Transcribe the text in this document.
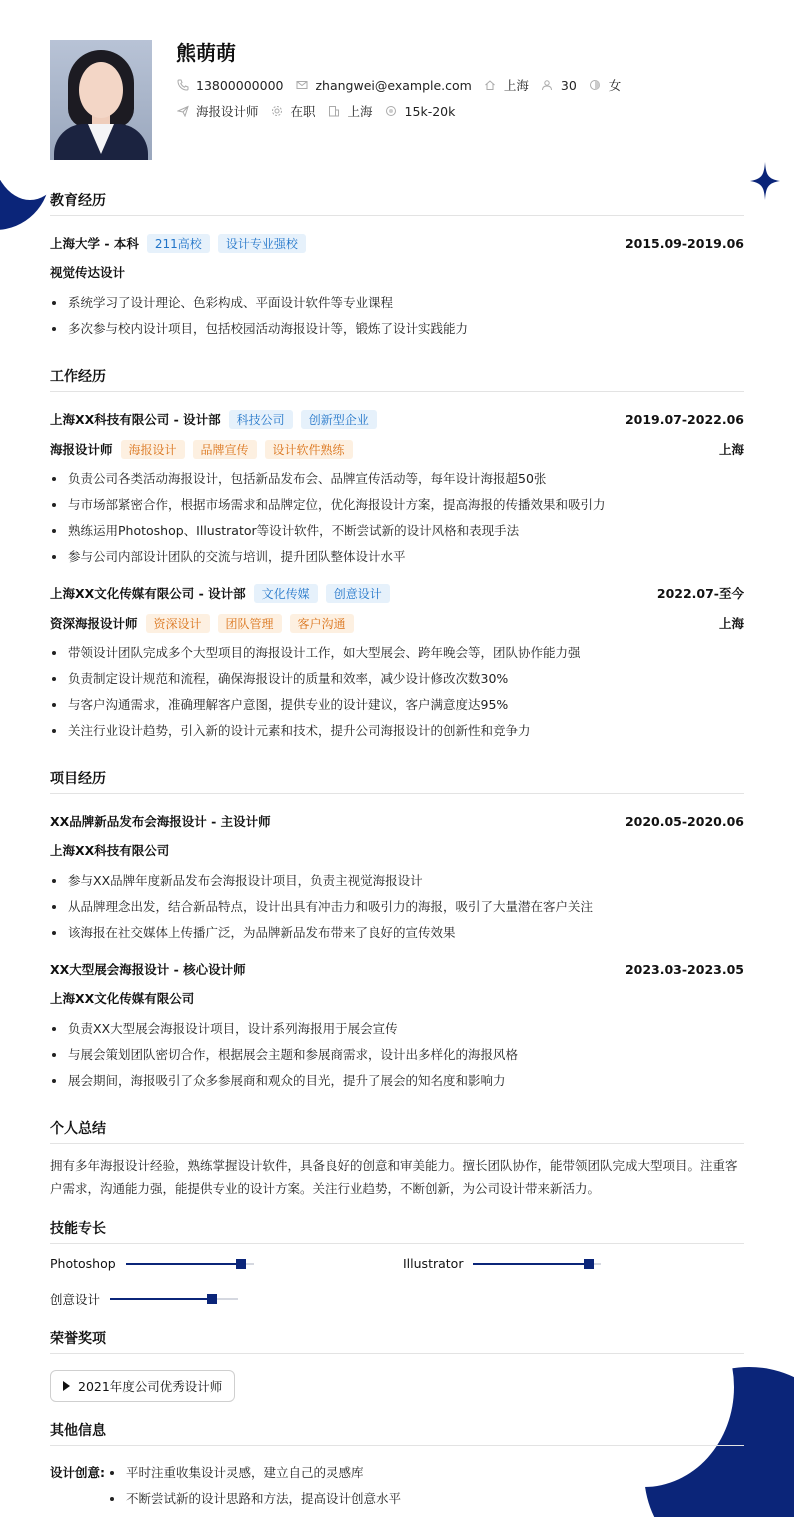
熊萌萌
13800000000	zhangwei@example.com	上海	30	女
海报设计师	在职	上海	15k-20k
教育经历
上海大学 - 本科	211高校	设计专业强校	2015.09-2019.06
视觉传达设计
系统学习了设计理论、色彩构成、平面设计软件等专业课程
多次参与校内设计项目，包括校园活动海报设计等，锻炼了设计实践能力
工作经历
上海XX科技有限公司 - 设计部	科技公司	创新型企业	2019.07-2022.06
海报设计师	海报设计	品牌宣传	设计软件熟练	上海
负责公司各类活动海报设计，包括新品发布会、品牌宣传活动等，每年设计海报超50张
与市场部紧密合作，根据市场需求和品牌定位，优化海报设计方案，提高海报的传播效果和吸引力
熟练运用Photoshop、Illustrator等设计软件，不断尝试新的设计风格和表现手法
参与公司内部设计团队的交流与培训，提升团队整体设计水平
上海XX文化传媒有限公司 - 设计部	文化传媒	创意设计	2022.07-至今
资深海报设计师	资深设计	团队管理	客户沟通	上海
带领设计团队完成多个大型项目的海报设计工作，如大型展会、跨年晚会等，团队协作能力强
负责制定设计规范和流程，确保海报设计的质量和效率，减少设计修改次数30%
与客户沟通需求，准确理解客户意图，提供专业的设计建议，客户满意度达95%
关注行业设计趋势，引入新的设计元素和技术，提升公司海报设计的创新性和竞争力
项目经历
XX品牌新品发布会海报设计 - 主设计师	2020.05-2020.06
上海XX科技有限公司
参与XX品牌年度新品发布会海报设计项目，负责主视觉海报设计
从品牌理念出发，结合新品特点，设计出具有冲击力和吸引力的海报，吸引了大量潜在客户关注
该海报在社交媒体上传播广泛，为品牌新品发布带来了良好的宣传效果
XX大型展会海报设计 - 核心设计师	2023.03-2023.05
上海XX文化传媒有限公司
负责XX大型展会海报设计项目，设计系列海报用于展会宣传
与展会策划团队密切合作，根据展会主题和参展商需求，设计出多样化的海报风格
展会期间，海报吸引了众多参展商和观众的目光，提升了展会的知名度和影响力
个人总结
拥有多年海报设计经验，熟练掌握设计软件，具备良好的创意和审美能力。擅长团队协作，能带领团队完成大型项目。注重客户需求，沟通能力强，能提供专业的设计方案。关注行业趋势，不断创新，为公司设计带来新活力。
技能专长
Photoshop	Illustrator
创意设计
荣誉奖项
2021年度公司优秀设计师
其他信息
设计创意:	平时注重收集设计灵感，建立自己的灵感库
不断尝试新的设计思路和方法，提高设计创意水平
